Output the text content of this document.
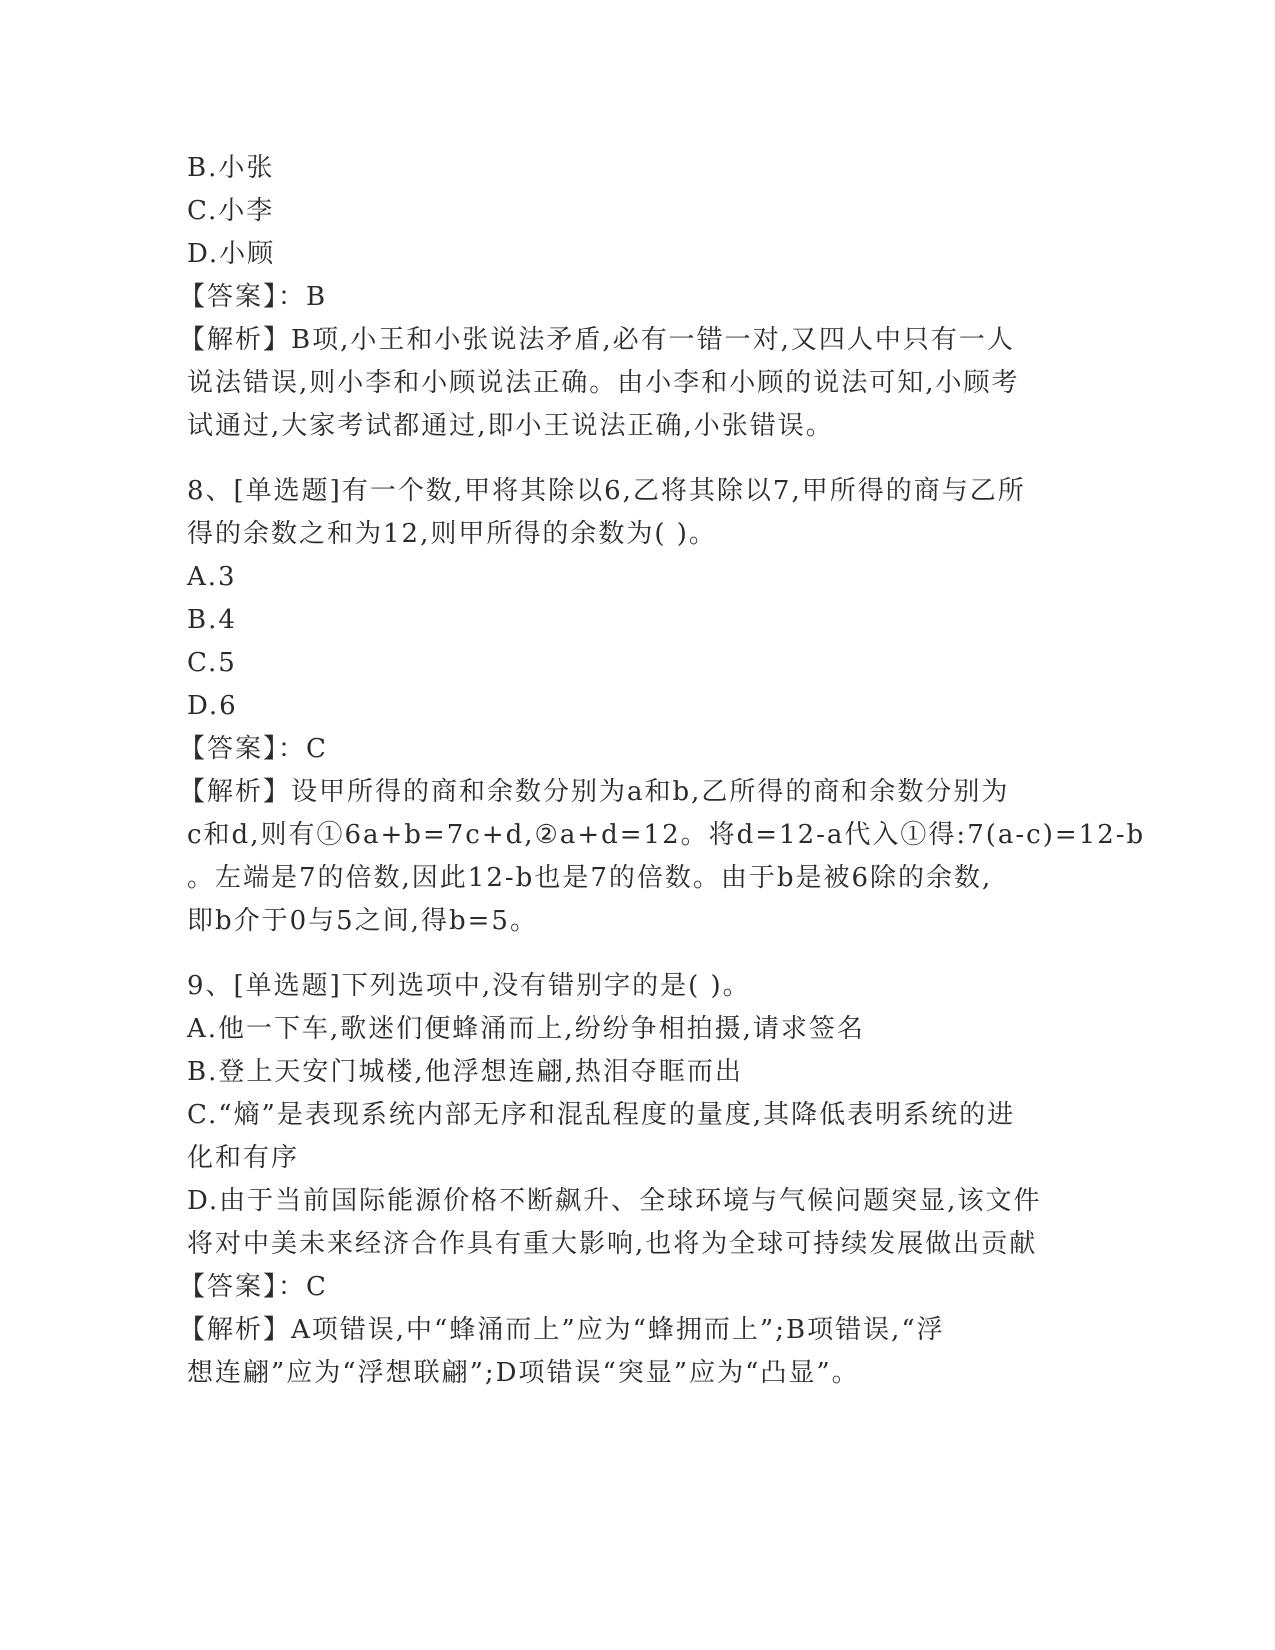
B.小张
C.小李
D.小顾
【答案】：B
【解析】B项,小王和小张说法矛盾,必有一错一对,又四人中只有一人
说法错误,则小李和小顾说法正确。由小李和小顾的说法可知,小顾考
试通过,大家考试都通过,即小王说法正确,小张错误。
8、[单选题]有一个数,甲将其除以6,乙将其除以7,甲所得的商与乙所
得的余数之和为12,则甲所得的余数为( )。
A.3
B.4
C.5
D.6
【答案】：C
【解析】设甲所得的商和余数分别为a和b,乙所得的商和余数分别为
c和d,则有①6a+b=7c+d,②a+d=12。将d=12-a代入①得:7(a-c)=12-b
。左端是7的倍数,因此12-b也是7的倍数。由于b是被6除的余数,
即b介于0与5之间,得b=5。
9、[单选题]下列选项中,没有错别字的是( )。
A.他一下车,歌迷们便蜂涌而上,纷纷争相拍摄,请求签名
B.登上天安门城楼,他浮想连翩,热泪夺眶而出
C.“熵”是表现系统内部无序和混乱程度的量度,其降低表明系统的进
化和有序
D.由于当前国际能源价格不断飙升、全球环境与气候问题突显,该文件
将对中美未来经济合作具有重大影响,也将为全球可持续发展做出贡献
【答案】：C
【解析】A项错误,中“蜂涌而上”应为“蜂拥而上”;B项错误,“浮
想连翩”应为“浮想联翩”;D项错误“突显”应为“凸显”。
